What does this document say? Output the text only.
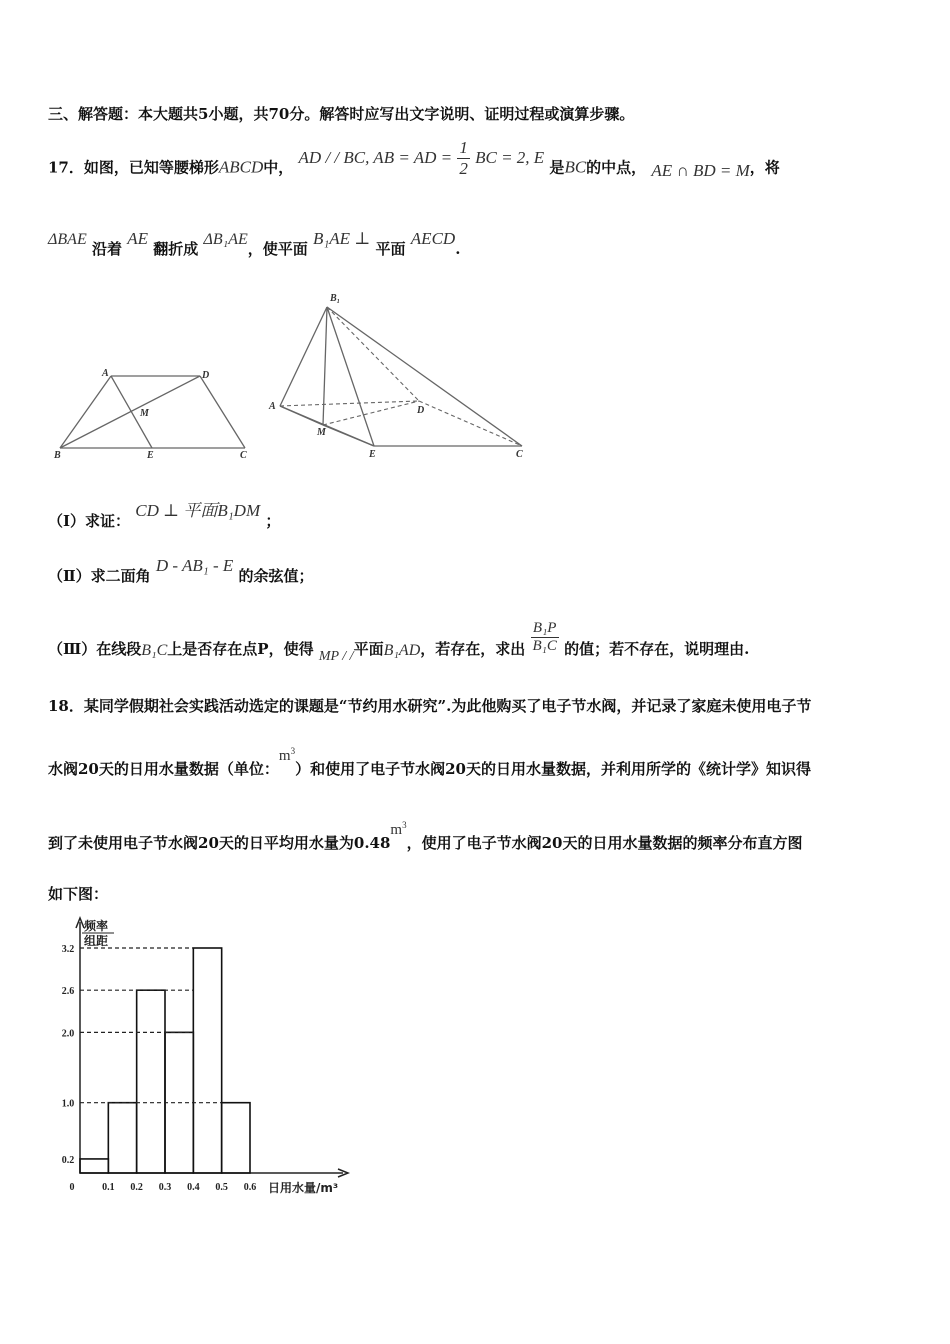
三、解答题：本大题共5小题，共70分。解答时应写出文字说明、证明过程或演算步骤。
17．如图，已知等腰梯形ABCD中， AD / / BC, AB = AD = $\frac{1}{2}$ BC = 2, E 是BC的中点， AE ∩ BD = M，将
ΔBAE 沿着 AE 翻折成 ΔB₁AE，使平面 B₁AE ⊥ 平面 AECD.
A	D
M
B	E	C
B₁
A	D
M
E	C
（Ⅰ）求证： CD ⊥ 平面B₁DM ；
（Ⅱ）求二面角 D - AB₁ - E 的余弦值；
（Ⅲ）在线段B₁C上是否存在点P，使得 MP / /平面B₁AD，若存在，求出 $\frac{\text{B₁P}}{\text{B₁C}}$ 的值；若不存在，说明理由.
18．某同学假期社会实践活动选定的课题是“节约用水研究”.为此他购买了电子节水阀，并记录了家庭未使用电子节
水阀20天的日用水量数据（单位：$m^3$）和使用了电子节水阀20天的日用水量数据，并利用所学的《统计学》知识得
到了未使用电子节水阀20天的日平均用水量为$0.48m^3$，使用了电子节水阀20天的日用水量数据的频率分布直方图
如下图：
频率
组距
0	日用水量/m³
0.2
1.0
2.0
2.6
3.2
0.1 0.2 0.3 0.4 0.5 0.6
